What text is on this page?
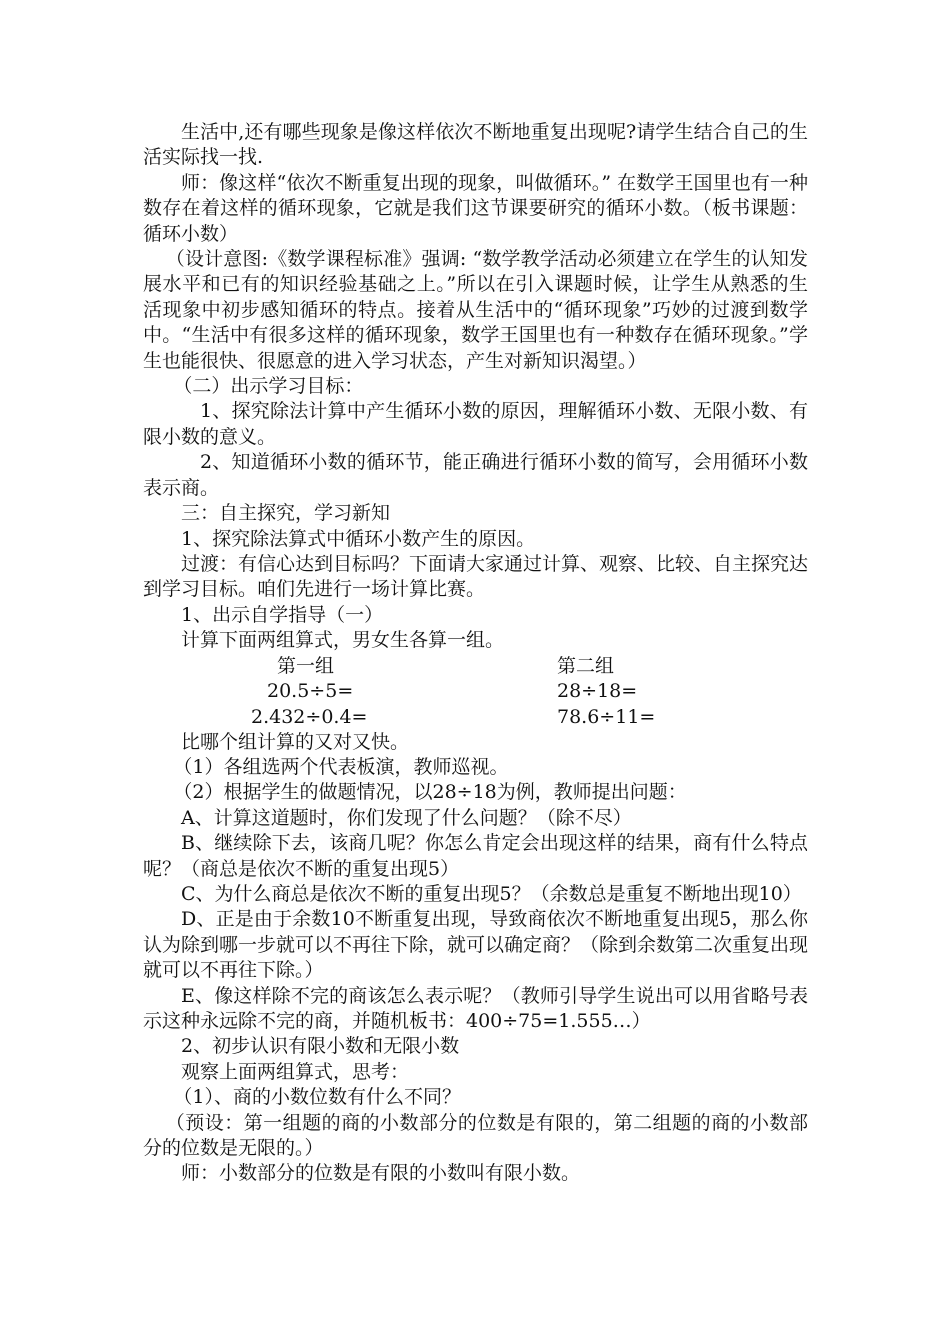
生活中,还有哪些现象是像这样依次不断地重复出现呢?请学生结合自己的生活实际找一找.

师：像这样“依次不断重复出现的现象，叫做循环。” 在数学王国里也有一种数存在着这样的循环现象，它就是我们这节课要研究的循环小数。（板书课题：循环小数）

（设计意图:《数学课程标准》强调: “数学教学活动必须建立在学生的认知发展水平和已有的知识经验基础之上。”所以在引入课题时候，让学生从熟悉的生活现象中初步感知循环的特点。接着从生活中的“循环现象”巧妙的过渡到数学中。“生活中有很多这样的循环现象，数学王国里也有一种数存在循环现象。”学生也能很快、很愿意的进入学习状态，产生对新知识渴望。）

（二）出示学习目标：

1、探究除法计算中产生循环小数的原因，理解循环小数、无限小数、有限小数的意义。

2、知道循环小数的循环节，能正确进行循环小数的简写，会用循环小数表示商。

三：自主探究，学习新知

1、探究除法算式中循环小数产生的原因。

过渡：有信心达到目标吗？下面请大家通过计算、观察、比较、自主探究达到学习目标。咱们先进行一场计算比赛。

1、出示自学指导（一）

计算下面两组算式，男女生各算一组。

第一组	第二组
20.5÷5=	28÷18=
2.432÷0.4=	78.6÷11=

比哪个组计算的又对又快。

（1）各组选两个代表板演，教师巡视。

（2）根据学生的做题情况，以28÷18为例，教师提出问题：

A、计算这道题时，你们发现了什么问题？（除不尽）

B、继续除下去，该商几呢？你怎么肯定会出现这样的结果，商有什么特点呢？（商总是依次不断的重复出现5）

C、为什么商总是依次不断的重复出现5？（余数总是重复不断地出现10）

D、正是由于余数10不断重复出现，导致商依次不断地重复出现5，那么你认为除到哪一步就可以不再往下除，就可以确定商？（除到余数第二次重复出现就可以不再往下除。）

E、像这样除不完的商该怎么表示呢？（教师引导学生说出可以用省略号表示这种永远除不完的商，并随机板书：400÷75=1.555…）

2、初步认识有限小数和无限小数

观察上面两组算式，思考：

（1）、商的小数位数有什么不同？

（预设：第一组题的商的小数部分的位数是有限的，第二组题的商的小数部分的位数是无限的。）

师：小数部分的位数是有限的小数叫有限小数。
